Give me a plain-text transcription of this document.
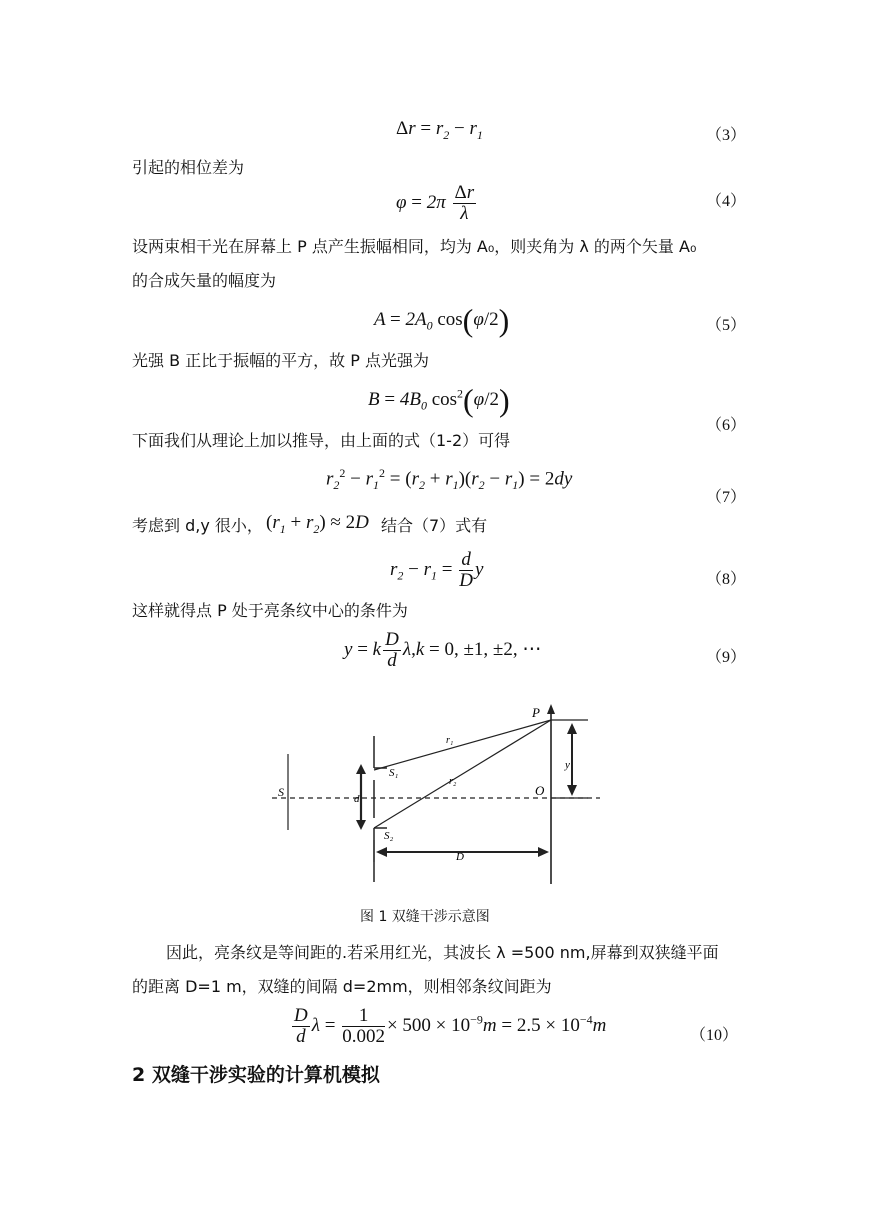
$\Delta r = r_2 - r_1$	（3）
引起的相位差为
$\varphi = 2\pi \frac{\Delta r}{\lambda}$	（4）
设两束相干光在屏幕上 P 点产生振幅相同，均为 A₀，则夹角为 λ 的两个矢量 A₀
的合成矢量的幅度为
$A = 2A_0$ cos(φ/2)	（5）
光强 B 正比于振幅的平方，故 P 点光强为
$B = 4B_0$ $\cos^2(\varphi/2)$
（6）
下面我们从理论上加以推导，由上面的式（1-2）可得
$r_2^2 - r_1^2 = (r_2 + r_1)(r_2 - r_1) = 2dy$
（7）
考虑到 d,y 很小， $(r_1 + r_2) \approx 2D$ 结合（7）式有
$r_2 - r_1 = \frac{d}{D}$ y	（8）
这样就得点 P 处于亮条纹中心的条件为
y = k $\frac{D}{d} \lambda,k = 0$, ±1, ±2, ⋯	（9）
P
O
S
S₁
S₂
r₁
r₂
d
y
D
图 1 双缝干涉示意图
因此，亮条纹是等间距的.若采用红光，其波长 λ =500 nm,屏幕到双狭缝平面
的距离 D=1 m，双缝的间隔 d=2mm，则相邻条纹间距为
$\frac{D}{d}$ $\lambda = \frac{1}{0.002} \times 500 \times 10^{-9}m = 2.5 \times 10^{-4}m$	（10）
2 双缝干涉实验的计算机模拟
